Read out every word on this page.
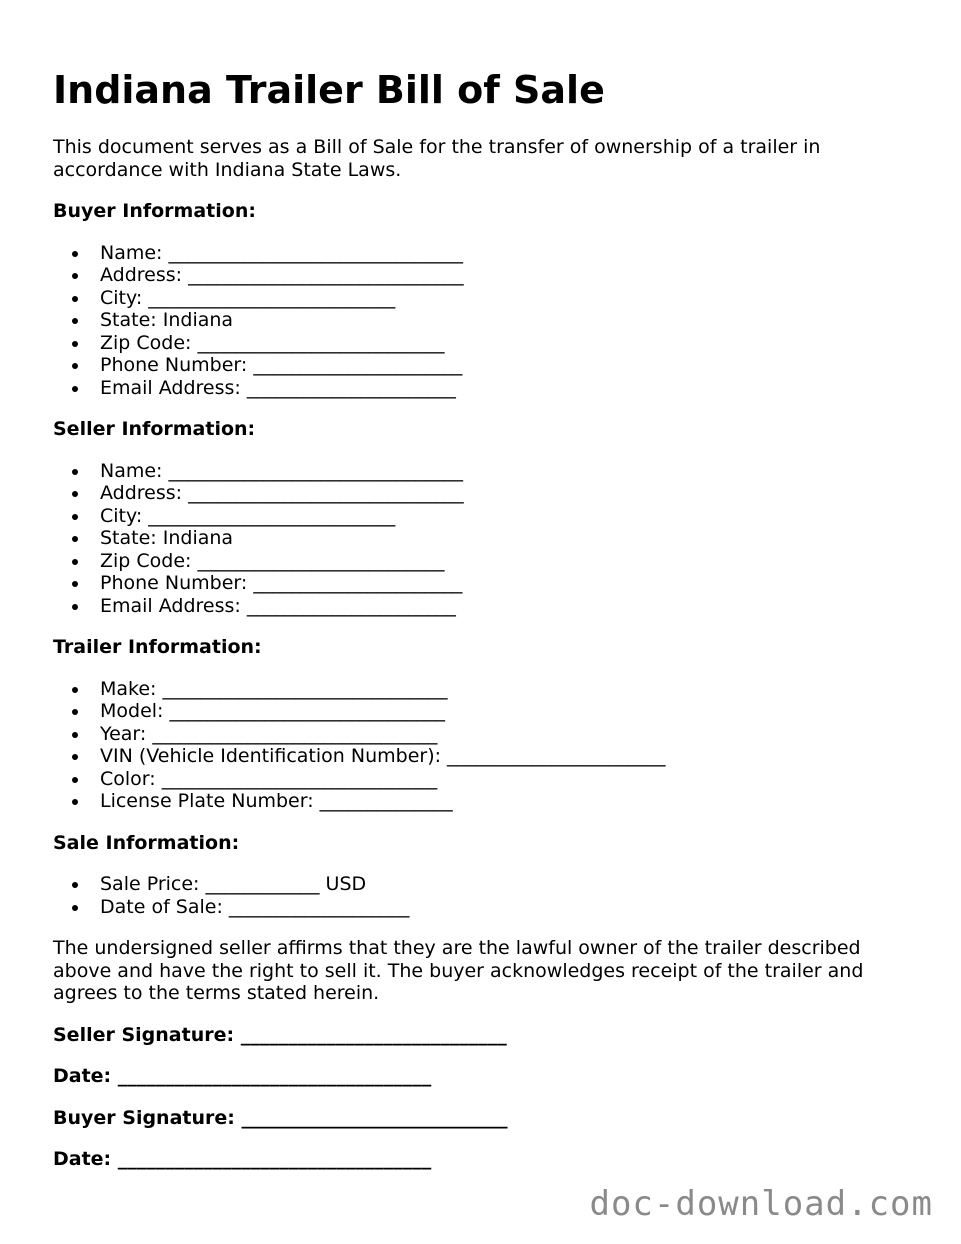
Indiana Trailer Bill of Sale

This document serves as a Bill of Sale for the transfer of ownership of a trailer in accordance with Indiana State Laws.

Buyer Information:
Name: _______________________________
Address: _____________________________
City: __________________________
State: Indiana
Zip Code: __________________________
Phone Number: ______________________
Email Address: ______________________
Seller Information:
Name: _______________________________
Address: _____________________________
City: __________________________
State: Indiana
Zip Code: __________________________
Phone Number: ______________________
Email Address: ______________________
Trailer Information:
Make: ______________________________
Model: _____________________________
Year: ______________________________
VIN (Vehicle Identification Number): _______________________
Color: _____________________________
License Plate Number: ______________
Sale Information:
Sale Price: ____________ USD
Date of Sale: ___________________

The undersigned seller affirms that they are the lawful owner of the trailer described above and have the right to sell it. The buyer acknowledges receipt of the trailer and agrees to the terms stated herein.

Seller Signature: ____________________________
Date: _________________________________
Buyer Signature: ____________________________
Date: _________________________________
doc-download.com
